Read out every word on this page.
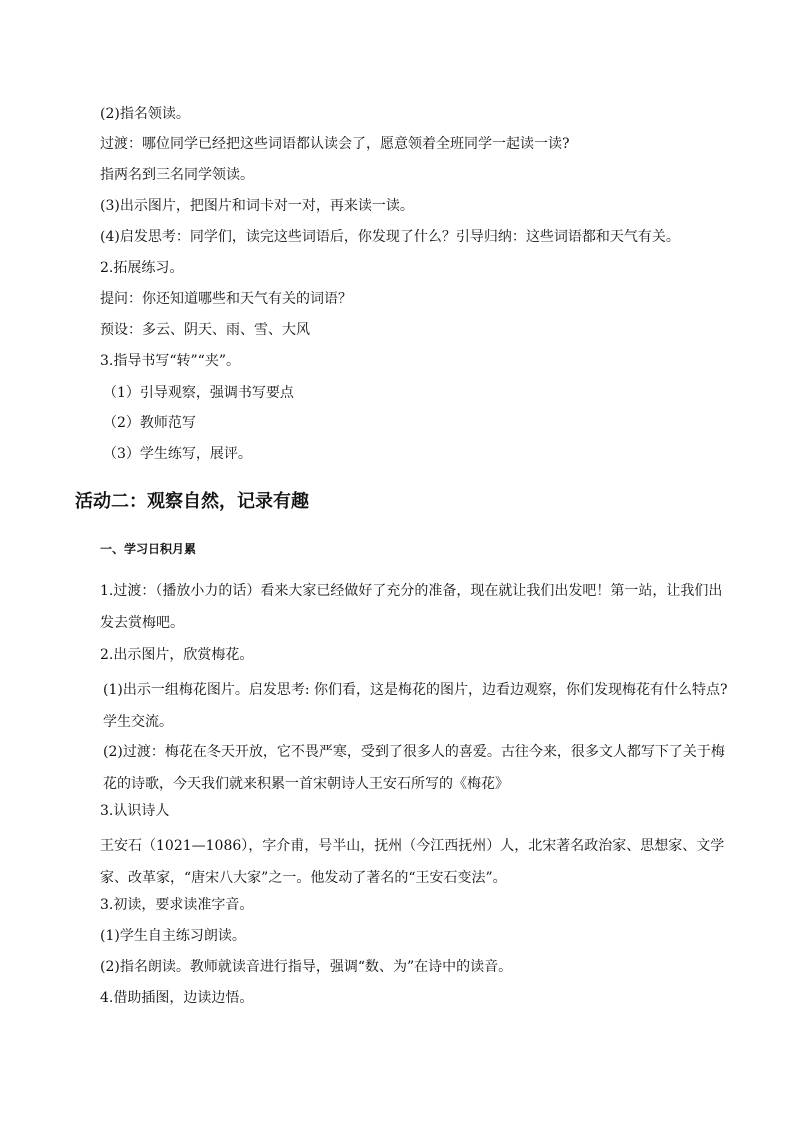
(2)指名领读。
过渡：哪位同学已经把这些词语都认读会了，愿意领着全班同学一起读一读?
指两名到三名同学领读。
(3)出示图片，把图片和词卡对一对，再来读一读。
(4)启发思考：同学们，读完这些词语后，你发现了什么？引导归纳：这些词语都和天气有关。
2.拓展练习。
提问：你还知道哪些和天气有关的词语？
预设：多云、阴天、雨、雪、大风
3.指导书写“转”“夹”。
（1）引导观察，强调书写要点
（2）教师范写
（3）学生练写，展评。
活动二：观察自然，记录有趣
一、学习日积月累
1.过渡：（播放小力的话）看来大家已经做好了充分的准备，现在就让我们出发吧！第一站，让我们出发去赏梅吧。
2.出示图片，欣赏梅花。
(1)出示一组梅花图片。启发思考: 你们看，这是梅花的图片，边看边观察，你们发现梅花有什么特点?学生交流。
(2)过渡：梅花在冬天开放，它不畏严寒，受到了很多人的喜爱。古往今来，很多文人都写下了关于梅花的诗歌，今天我们就来积累一首宋朝诗人王安石所写的《梅花》
3.认识诗人
王安石（1021—1086），字介甫，号半山，抚州（今江西抚州）人，北宋著名政治家、思想家、文学家、改革家，“唐宋八大家”之一。他发动了著名的“王安石变法”。
3.初读，要求读准字音。
(1)学生自主练习朗读。
(2)指名朗读。教师就读音进行指导，强调“数、为”在诗中的读音。
4.借助插图，边读边悟。
